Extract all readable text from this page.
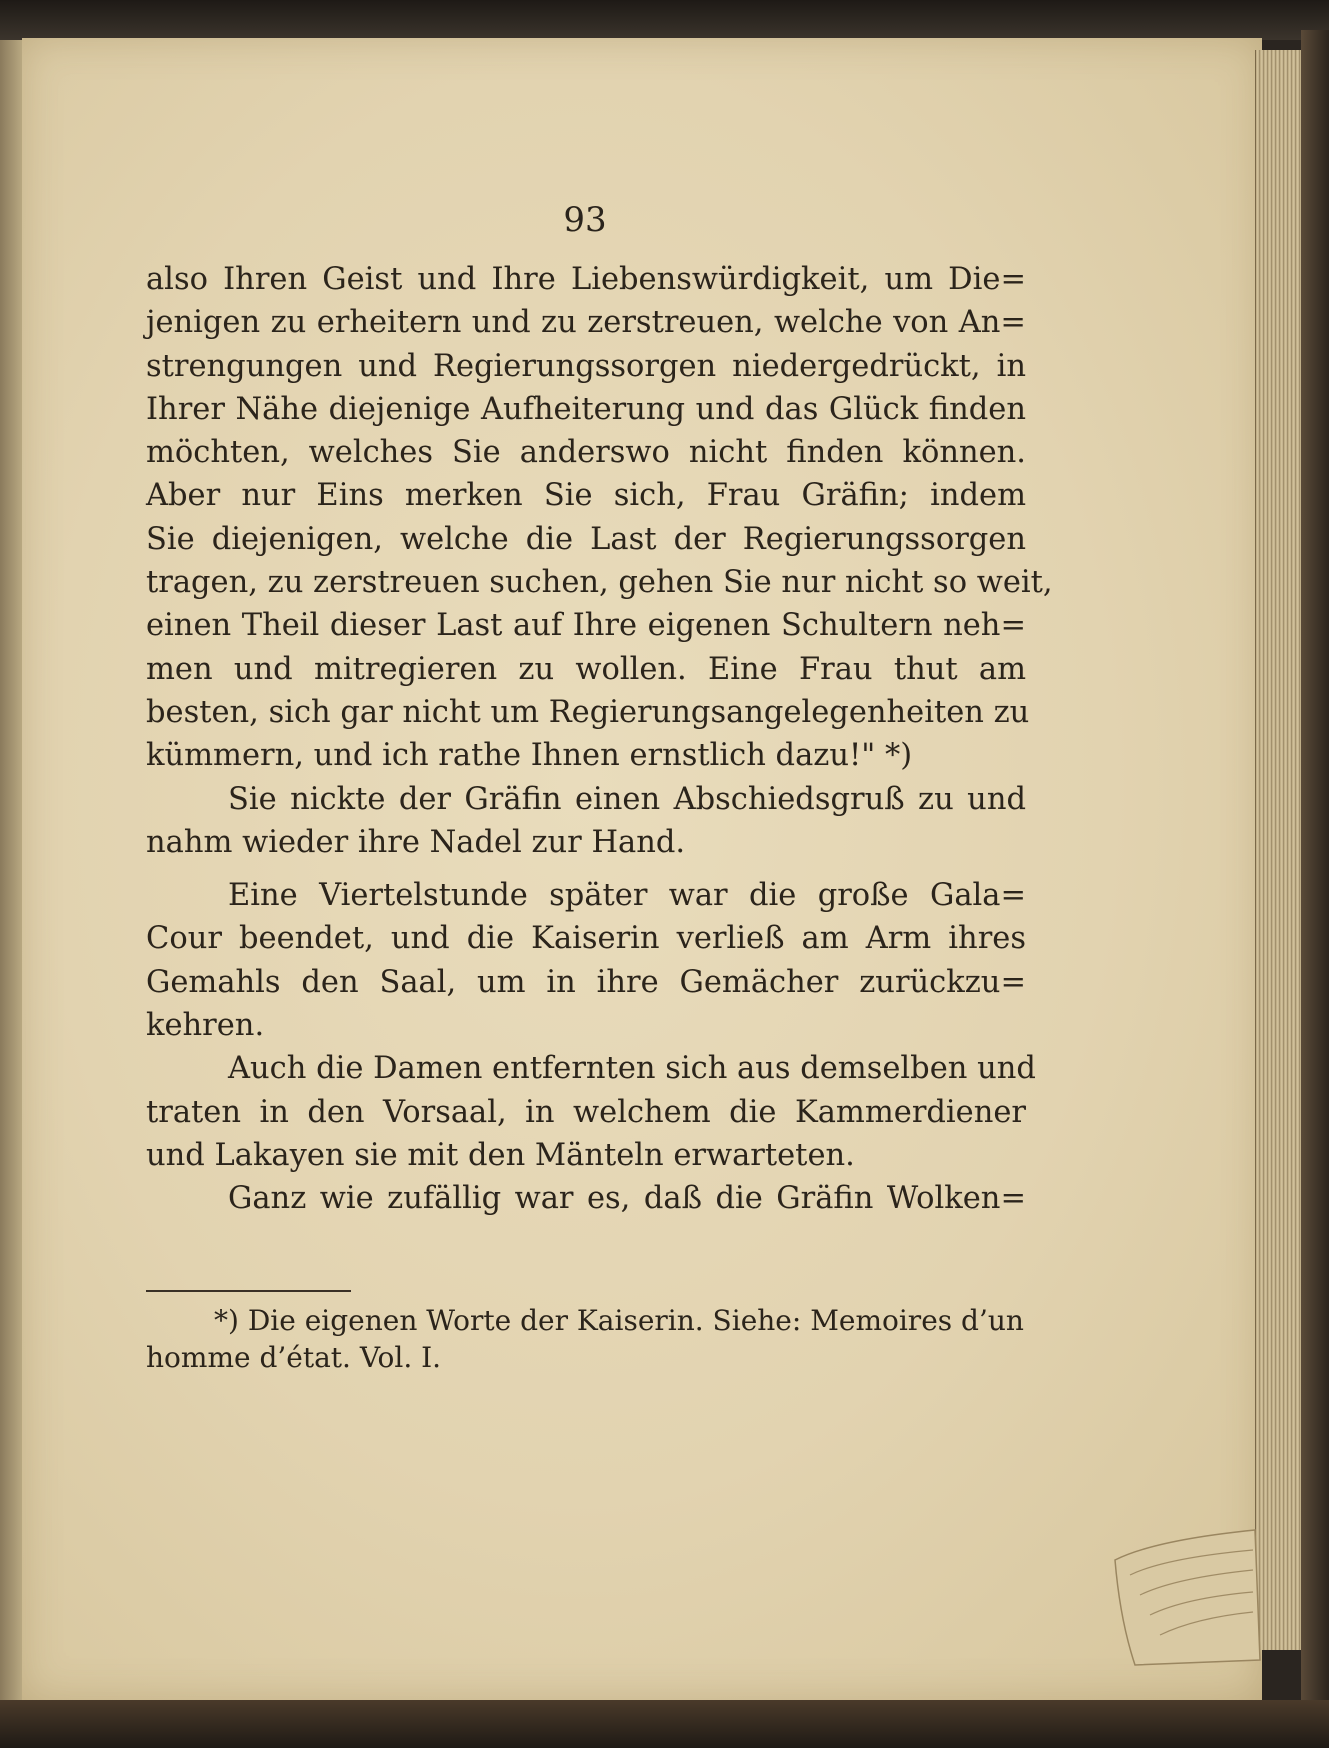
93

also Ihren Geist und Ihre Liebenswürdigkeit, um Die=
jenigen zu erheitern und zu zerstreuen, welche von An=
strengungen und Regierungssorgen niedergedrückt, in
Ihrer Nähe diejenige Aufheiterung und das Glück finden
möchten, welches Sie anderswo nicht finden können.
Aber nur Eins merken Sie sich, Frau Gräfin; indem
Sie diejenigen, welche die Last der Regierungssorgen
tragen, zu zerstreuen suchen, gehen Sie nur nicht so weit,
einen Theil dieser Last auf Ihre eigenen Schultern neh=
men und mitregieren zu wollen. Eine Frau thut am
besten, sich gar nicht um Regierungsangelegenheiten zu
kümmern, und ich rathe Ihnen ernstlich dazu!" *)

Sie nickte der Gräfin einen Abschiedsgruß zu und
nahm wieder ihre Nadel zur Hand.

Eine Viertelstunde später war die große Gala=
Cour beendet, und die Kaiserin verließ am Arm ihres
Gemahls den Saal, um in ihre Gemächer zurückzu=
kehren.

Auch die Damen entfernten sich aus demselben und
traten in den Vorsaal, in welchem die Kammerdiener
und Lakayen sie mit den Mänteln erwarteten.

Ganz wie zufällig war es, daß die Gräfin Wolken=

*) Die eigenen Worte der Kaiserin. Siehe: Memoires d’un
homme d’état. Vol. I.
